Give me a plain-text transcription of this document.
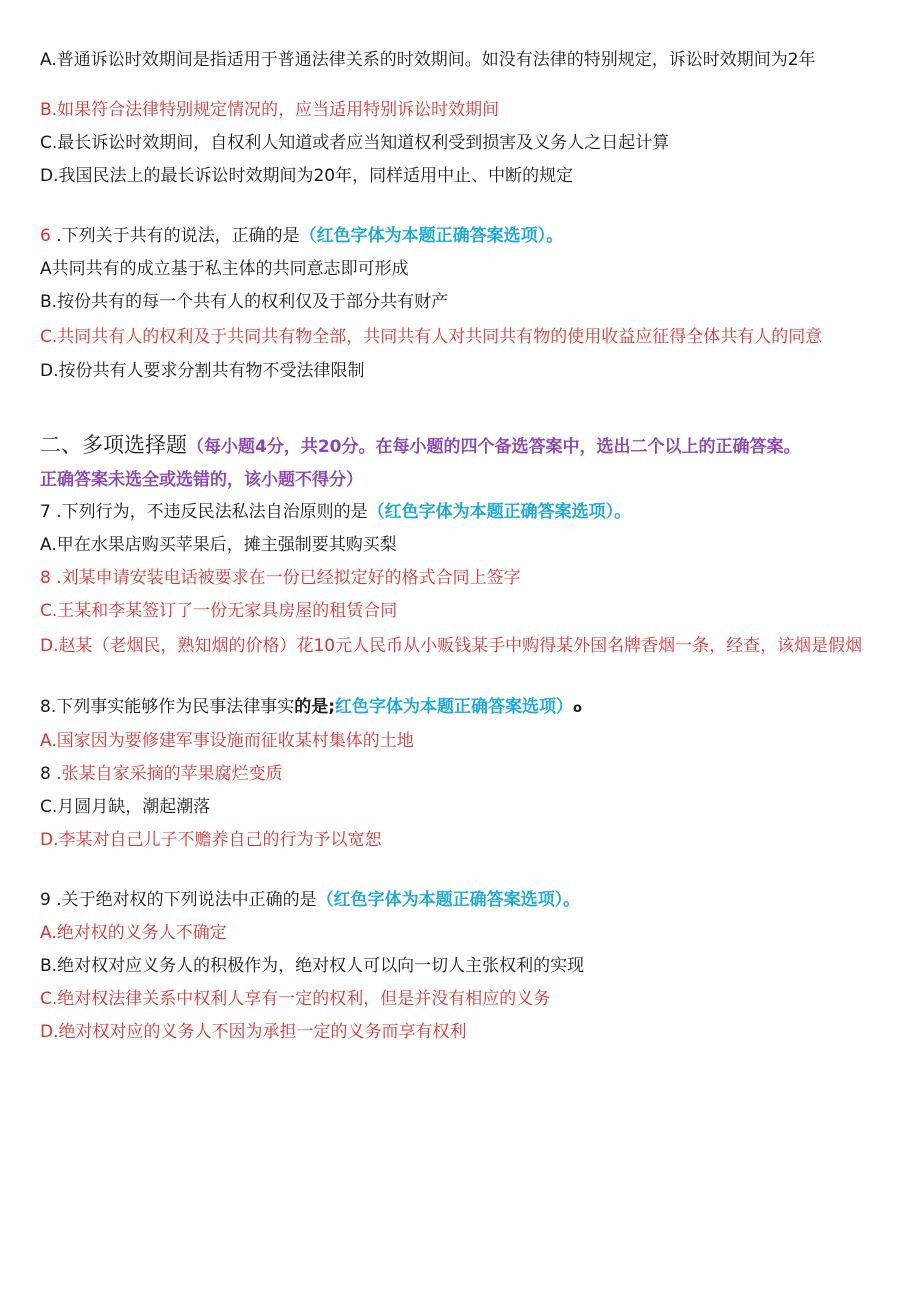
A.普通诉讼时效期间是指适用于普通法律关系的时效期间。如没有法律的特别规定，诉讼时效期间为2年
B.如果符合法律特别规定情况的，应当适用特别诉讼时效期间
C.最长诉讼时效期间，自权利人知道或者应当知道权利受到损害及义务人之日起计算
D.我国民法上的最长诉讼时效期间为20年，同样适用中止、中断的规定
6 .下列关于共有的说法，正确的是（红色字体为本题正确答案选项）。
A共同共有的成立基于私主体的共同意志即可形成
B.按份共有的每一个共有人的权利仅及于部分共有财产
C.共同共有人的权利及于共同共有物全部，共同共有人对共同共有物的使用收益应征得全体共有人的同意
D.按份共有人要求分割共有物不受法律限制
二、多项选择题（每小题4分，共20分。在每小题的四个备选答案中，选出二个以上的正确答案。
正确答案未选全或选错的，该小题不得分）
7 .下列行为，不违反民法私法自治原则的是（红色字体为本题正确答案选项）。
A.甲在水果店购买苹果后，摊主强制要其购买梨
8 .刘某申请安装电话被要求在一份已经拟定好的格式合同上签字
C.王某和李某签订了一份无家具房屋的租赁合同
D.赵某（老烟民，熟知烟的价格）花10元人民币从小贩钱某手中购得某外国名牌香烟一条，经查，该烟是假烟
8.下列事实能够作为民事法律事实的是;红色字体为本题正确答案选项）o
A.国家因为要修建军事设施而征收某村集体的土地
8 .张某自家采摘的苹果腐烂变质
C.月圆月缺，潮起潮落
D.李某对自己儿子不赡养自己的行为予以宽恕
9 .关于绝对权的下列说法中正确的是（红色字体为本题正确答案选项）。
A.绝对权的义务人不确定
B.绝对权对应义务人的积极作为，绝对权人可以向一切人主张权利的实现
C.绝对权法律关系中权利人享有一定的权利，但是并没有相应的义务
D.绝对权对应的义务人不因为承担一定的义务而享有权利
